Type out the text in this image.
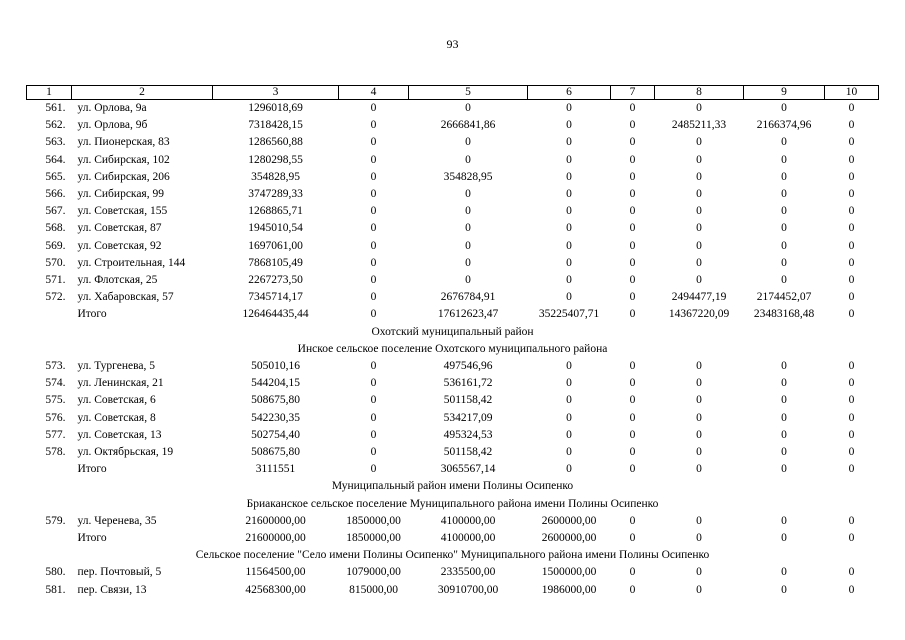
93
1	2	3	4	5	6	7	8	9	10
561.	ул. Орлова, 9а	1296018,69	0	0	0	0	0	0	0
562.	ул. Орлова, 9б	7318428,15	0	2666841,86	0	0	2485211,33	2166374,96	0
563.	ул. Пионерская, 83	1286560,88	0	0	0	0	0	0	0
564.	ул. Сибирская, 102	1280298,55	0	0	0	0	0	0	0
565.	ул. Сибирская, 206	354828,95	0	354828,95	0	0	0	0	0
566.	ул. Сибирская, 99	3747289,33	0	0	0	0	0	0	0
567.	ул. Советская, 155	1268865,71	0	0	0	0	0	0	0
568.	ул. Советская, 87	1945010,54	0	0	0	0	0	0	0
569.	ул. Советская, 92	1697061,00	0	0	0	0	0	0	0
570.	ул. Строительная, 144	7868105,49	0	0	0	0	0	0	0
571.	ул. Флотская, 25	2267273,50	0	0	0	0	0	0	0
572.	ул. Хабаровская, 57	7345714,17	0	2676784,91	0	0	2494477,19	2174452,07	0
	Итого	126464435,44	0	17612623,47	35225407,71	0	14367220,09	23483168,48	0
Охотский муниципальный район									
Инское сельское поселение Охотского муниципального района									
573.	ул. Тургенева, 5	505010,16	0	497546,96	0	0	0	0	0
574.	ул. Ленинская, 21	544204,15	0	536161,72	0	0	0	0	0
575.	ул. Советская, 6	508675,80	0	501158,42	0	0	0	0	0
576.	ул. Советская, 8	542230,35	0	534217,09	0	0	0	0	0
577.	ул. Советская, 13	502754,40	0	495324,53	0	0	0	0	0
578.	ул. Октябрьская, 19	508675,80	0	501158,42	0	0	0	0	0
	Итого	3111551	0	3065567,14	0	0	0	0	0
Муниципальный район имени Полины Осипенко									
Бриаканское сельское поселение Муниципального района имени Полины Осипенко									
579.	ул. Черенева, 35	21600000,00	1850000,00	4100000,00	2600000,00	0	0	0	0
	Итого	21600000,00	1850000,00	4100000,00	2600000,00	0	0	0	0
Сельское поселение "Село имени Полины Осипенко" Муниципального района имени Полины Осипенко									
580.	пер. Почтовый, 5	11564500,00	1079000,00	2335500,00	1500000,00	0	0	0	0
581.	пер. Связи, 13	42568300,00	815000,00	30910700,00	1986000,00	0	0	0	0
